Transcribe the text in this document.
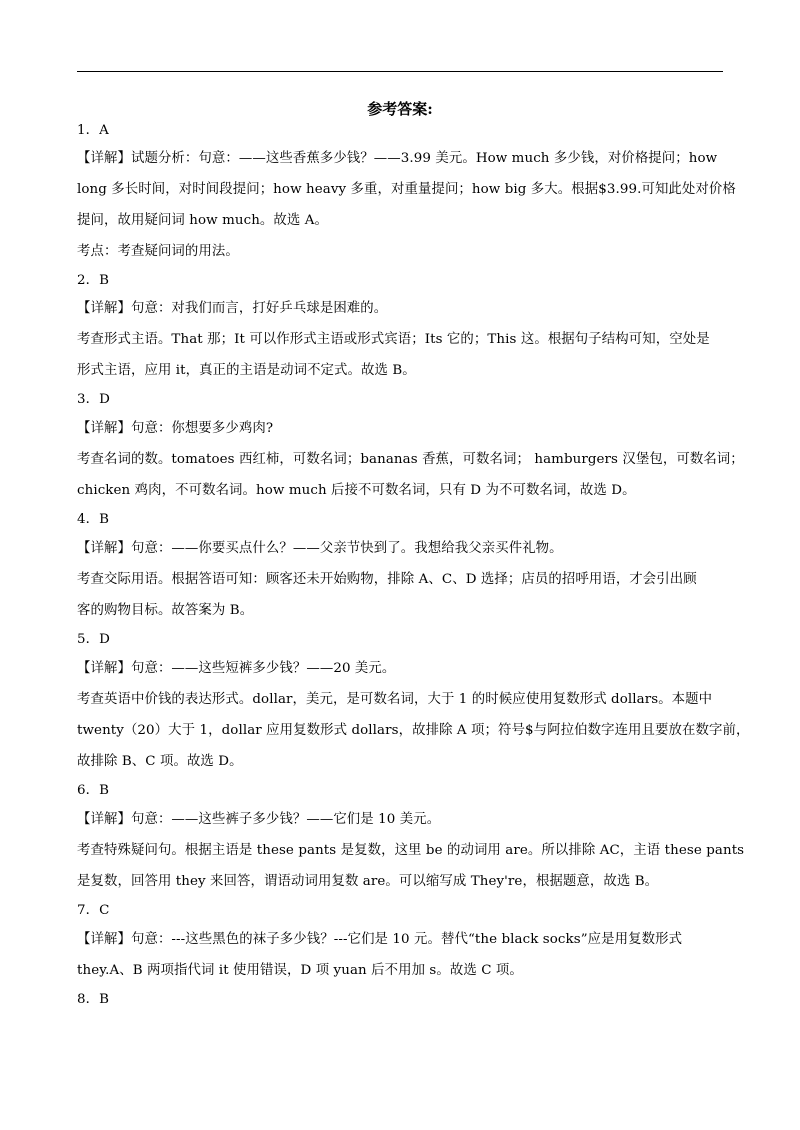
参考答案:
1．A
【详解】试题分析：句意：——这些香蕉多少钱？——3.99 美元。How much 多少钱，对价格提问；how
long 多长时间，对时间段提问；how heavy 多重，对重量提问；how big 多大。根据$3.99.可知此处对价格
提问，故用疑问词 how much。故选 A。
考点：考查疑问词的用法。
2．B
【详解】句意：对我们而言，打好乒乓球是困难的。
考查形式主语。That 那；It 可以作形式主语或形式宾语；Its 它的；This 这。根据句子结构可知，空处是
形式主语，应用 it，真正的主语是动词不定式。故选 B。
3．D
【详解】句意：你想要多少鸡肉?
考查名词的数。tomatoes 西红柿，可数名词；bananas 香蕉，可数名词； hamburgers 汉堡包，可数名词；
chicken 鸡肉，不可数名词。how much 后接不可数名词，只有 D 为不可数名词，故选 D。
4．B
【详解】句意：——你要买点什么？——父亲节快到了。我想给我父亲买件礼物。
考查交际用语。根据答语可知：顾客还未开始购物，排除 A、C、D 选择；店员的招呼用语，才会引出顾
客的购物目标。故答案为 B。
5．D
【详解】句意：——这些短裤多少钱？——20 美元。
考查英语中价钱的表达形式。dollar，美元，是可数名词，大于 1 的时候应使用复数形式 dollars。本题中
twenty（20）大于 1，dollar 应用复数形式 dollars，故排除 A 项；符号$与阿拉伯数字连用且要放在数字前，
故排除 B、C 项。故选 D。
6．B
【详解】句意：——这些裤子多少钱？——它们是 10 美元。
考查特殊疑问句。根据主语是 these pants 是复数，这里 be 的动词用 are。所以排除 AC，主语 these pants
是复数，回答用 they 来回答，谓语动词用复数 are。可以缩写成 They're，根据题意，故选 B。
7．C
【详解】句意：---这些黑色的袜子多少钱？---它们是 10 元。替代“the black socks”应是用复数形式
they.A、B 两项指代词 it 使用错误，D 项 yuan 后不用加 s。故选 C 项。
8．B
